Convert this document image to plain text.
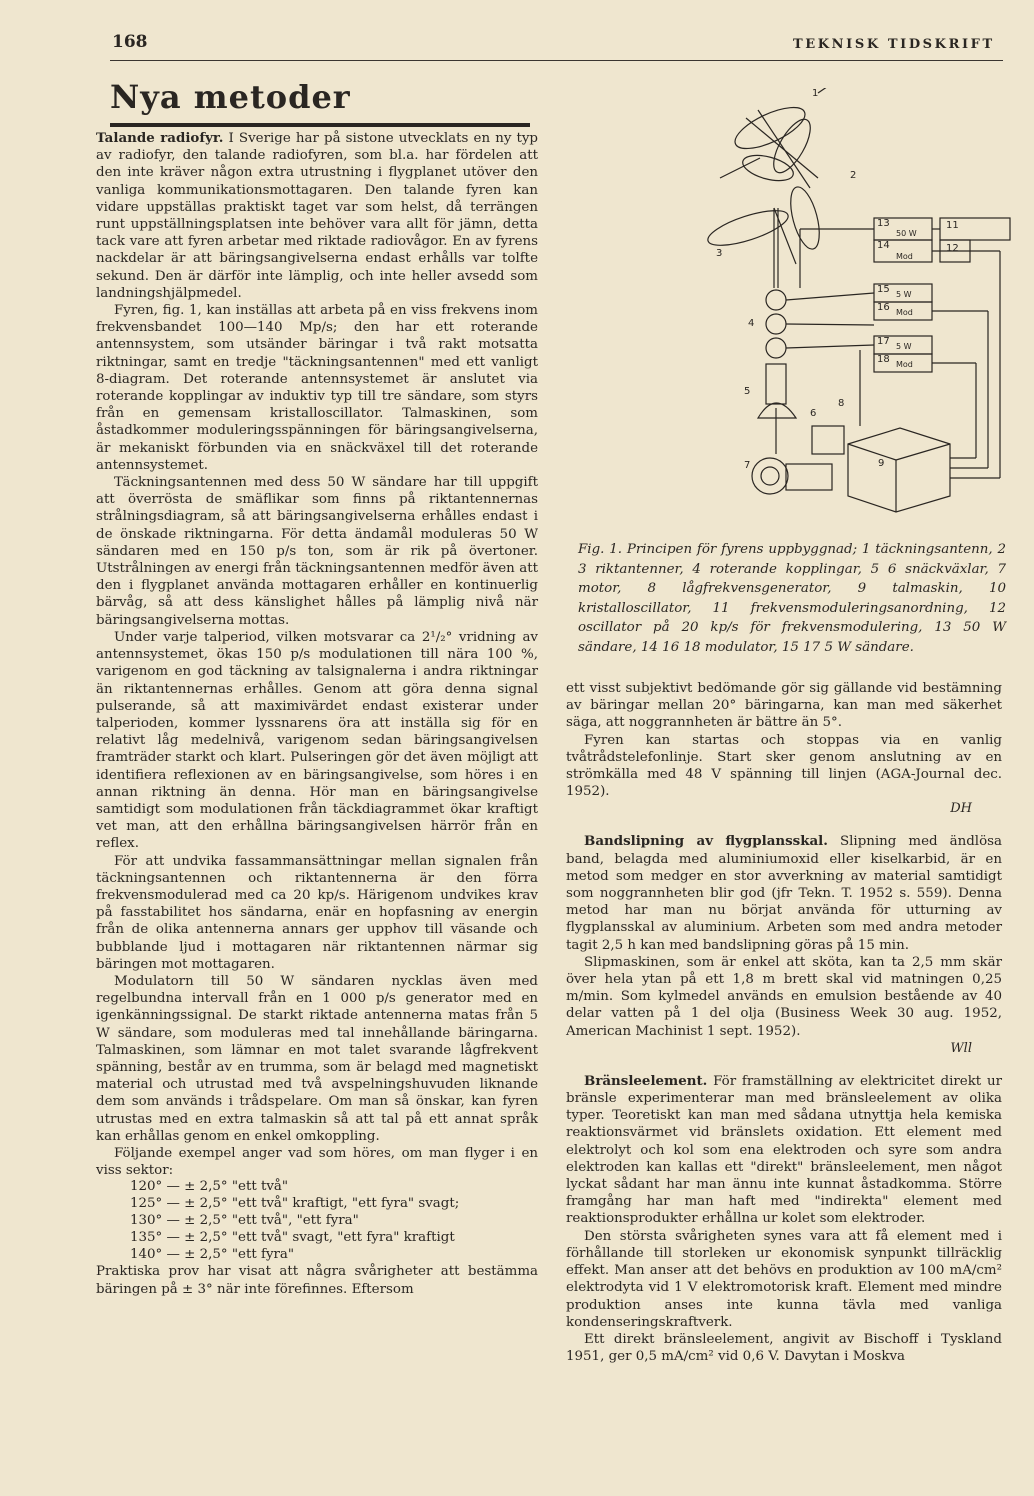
168	TEKNISK TIDSKRIFT
Nya metoder

Talande radiofyr. I Sverige har på sistone utvecklats en ny typ av radiofyr, den talande radiofyren, som bl.a. har fördelen att den inte kräver någon extra utrustning i flygplanet utöver den vanliga kommunikationsmottagaren. Den talande fyren kan vidare uppställas praktiskt taget var som helst, då terrängen runt uppställningsplatsen inte behöver vara allt för jämn, detta tack vare att fyren arbetar med riktade radiovågor. En av fyrens nackdelar är att bäringsangivelserna endast erhålls var tolfte sekund. Den är därför inte lämplig, och inte heller avsedd som landningshjälpmedel.

Fyren, fig. 1, kan inställas att arbeta på en viss frekvens inom frekvensbandet 100—140 Mp/s; den har ett roterande antennsystem, som utsänder bäringar i två rakt motsatta riktningar, samt en tredje "täckningsantennen" med ett vanligt 8-diagram. Det roterande antennsystemet är anslutet via roterande kopplingar av induktiv typ till tre sändare, som styrs från en gemensam kristalloscillator. Talmaskinen, som åstadkommer moduleringsspänningen för bäringsangivelserna, är mekaniskt förbunden via en snäckväxel till det roterande antennsystemet.

Täckningsantennen med dess 50 W sändare har till uppgift att överrösta de smäflikar som finns på riktantennernas strålningsdiagram, så att bäringsangivelserna erhålles endast i de önskade riktningarna. För detta ändamål moduleras 50 W sändaren med en 150 p/s ton, som är rik på övertoner. Utstrålningen av energi från täckningsantennen medför även att den i flygplanet använda mottagaren erhåller en kontinuerlig bärvåg, så att dess känslighet hålles på lämplig nivå när bäringsangivelserna mottas.

Under varje talperiod, vilken motsvarar ca 2¹/₂° vridning av antennsystemet, ökas 150 p/s modulationen till nära 100 %, varigenom en god täckning av talsignalerna i andra riktningar än riktantennernas erhålles. Genom att göra denna signal pulserande, så att maximivärdet endast existerar under talperioden, kommer lyssnarens öra att inställa sig för en relativt låg medelnivå, varigenom sedan bäringsangivelsen framträder starkt och klart. Pulseringen gör det även möjligt att identifiera reflexionen av en bäringsangivelse, som höres i en annan riktning än denna. Hör man en bäringsangivelse samtidigt som modulationen från täckdiagrammet ökar kraftigt vet man, att den erhållna bäringsangivelsen härrör från en reflex.

För att undvika fassammansättningar mellan signalen från täckningsantennen och riktantennerna är den förra frekvensmodulerad med ca 20 kp/s. Härigenom undvikes krav på fasstabilitet hos sändarna, enär en hopfasning av energin från de olika antennerna annars ger upphov till väsande och bubblande ljud i mottagaren när riktantennen närmar sig bäringen mot mottagaren.

Modulatorn till 50 W sändaren nycklas även med regelbundna intervall från en 1 000 p/s generator med en igenkänningssignal. De starkt riktade antennerna matas från 5 W sändare, som moduleras med tal innehållande bäringarna. Talmaskinen, som lämnar en mot talet svarande lågfrekvent spänning, består av en trumma, som är belagd med magnetiskt material och utrustad med två avspelningshuvuden liknande dem som används i trådspelare. Om man så önskar, kan fyren utrustas med en extra talmaskin så att tal på ett annat språk kan erhållas genom en enkel omkoppling.

Följande exempel anger vad som höres, om man flyger i en viss sektor:

120° — ± 2,5° "ett två"
125° — ± 2,5° "ett två" kraftigt, "ett fyra" svagt;
130° — ± 2,5° "ett två", "ett fyra"
135° — ± 2,5° "ett två" svagt, "ett fyra" kraftigt
140° — ± 2,5° "ett fyra"

Praktiska prov har visat att några svårigheter att bestämma bäringen på ± 3° när inte förefinnes. Eftersom

1
2
3
4
5
6
7
8
9
11
12
13
14
15
16
17
18
50 W
Mod
5 W
Mod
5 W
Mod
Fig. 1. Principen för fyrens uppbyggnad; 1 täckningsantenn, 2 3 riktantenner, 4 roterande kopplingar, 5 6 snäckväxlar, 7 motor, 8 lågfrekvensgenerator, 9 talmaskin, 10 kristalloscillator, 11 frekvensmoduleringsanordning, 12 oscillator på 20 kp/s för frekvensmodulering, 13 50 W sändare, 14 16 18 modulator, 15 17 5 W sändare.

ett visst subjektivt bedömande gör sig gällande vid bestämning av bäringar mellan 20° bäringarna, kan man med säkerhet säga, att noggrannheten är bättre än 5°.

Fyren kan startas och stoppas via en vanlig tvåtrådstelefonlinje. Start sker genom anslutning av en strömkälla med 48 V spänning till linjen (AGA-Journal dec. 1952).

DH

Bandslipning av flygplansskal. Slipning med ändlösa band, belagda med aluminiumoxid eller kiselkarbid, är en metod som medger en stor avverkning av material samtidigt som noggrannheten blir god (jfr Tekn. T. 1952 s. 559). Denna metod har man nu börjat använda för utturning av flygplansskal av aluminium. Arbeten som med andra metoder tagit 2,5 h kan med bandslipning göras på 15 min.

Slipmaskinen, som är enkel att sköta, kan ta 2,5 mm skär över hela ytan på ett 1,8 m brett skal vid matningen 0,25 m/min. Som kylmedel används en emulsion bestående av 40 delar vatten på 1 del olja (Business Week 30 aug. 1952, American Machinist 1 sept. 1952).

Wll

Bränsleelement. För framställning av elektricitet direkt ur bränsle experimenterar man med bränsleelement av olika typer. Teoretiskt kan man med sådana utnyttja hela kemiska reaktionsvärmet vid bränslets oxidation. Ett element med elektrolyt och kol som ena elektroden och syre som andra elektroden kan kallas ett "direkt" bränsleelement, men något lyckat sådant har man ännu inte kunnat åstadkomma. Större framgång har man haft med "indirekta" element med reaktionsprodukter erhållna ur kolet som elektroder.

Den största svårigheten synes vara att få element med i förhållande till storleken ur ekonomisk synpunkt tillräcklig effekt. Man anser att det behövs en produktion av 100 mA/cm² elektrodyta vid 1 V elektromotorisk kraft. Element med mindre produktion anses inte kunna tävla med vanliga kondenseringskraftverk.

Ett direkt bränsleelement, angivit av Bischoff i Tyskland 1951, ger 0,5 mA/cm² vid 0,6 V. Davytan i Moskva
